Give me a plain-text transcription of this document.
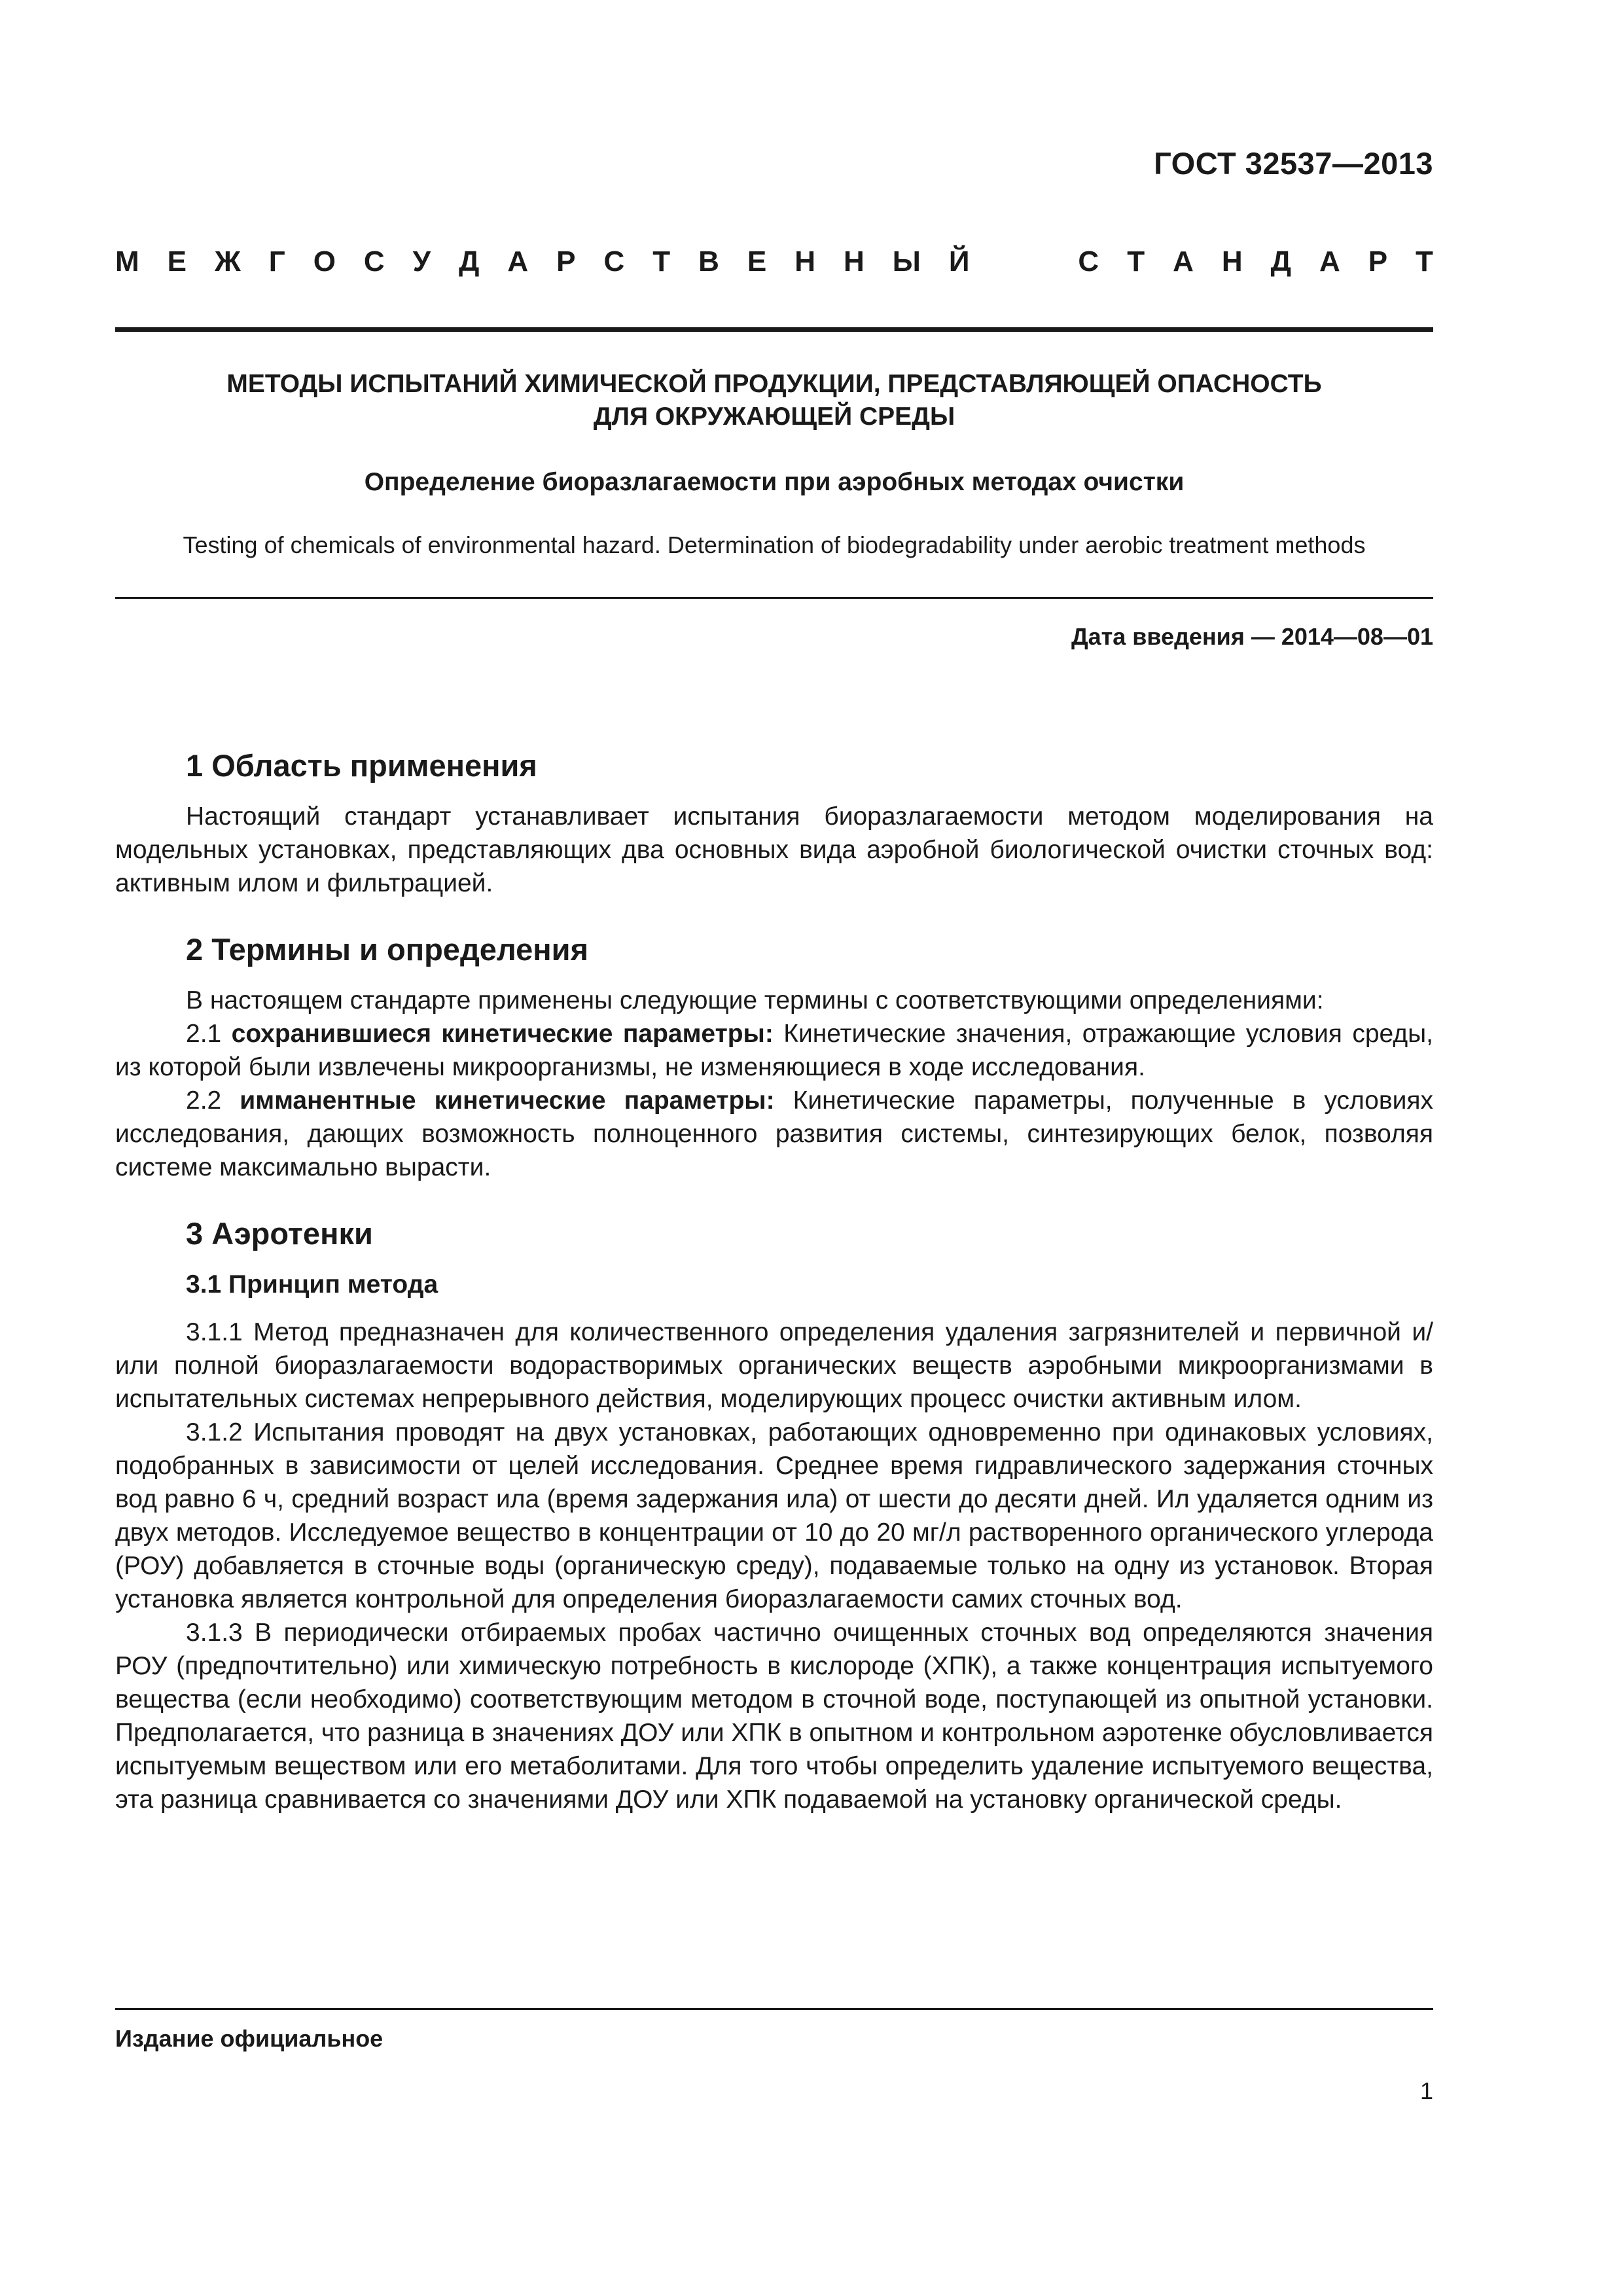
ГОСТ 32537—2013
М Е Ж Г О С У Д А Р С Т В Е Н Н Ы Й	С Т А Н Д А Р Т
МЕТОДЫ ИСПЫТАНИЙ ХИМИЧЕСКОЙ ПРОДУКЦИИ, ПРЕДСТАВЛЯЮЩЕЙ ОПАСНОСТЬ
ДЛЯ ОКРУЖАЮЩЕЙ СРЕДЫ
Определение биоразлагаемости при аэробных методах очистки
Testing of chemicals of environmental hazard. Determination of biodegradability under aerobic treatment methods
Дата введения — 2014—08—01
1 Область применения

Настоящий стандарт устанавливает испытания биоразлагаемости методом моделирования на модельных установках, представляющих два основных вида аэробной биологической очистки сточных вод: активным илом и фильтрацией.

2 Термины и определения

В настоящем стандарте применены следующие термины с соответствующими определениями:

2.1 сохранившиеся кинетические параметры: Кинетические значения, отражающие условия среды, из которой были извлечены микроорганизмы, не изменяющиеся в ходе исследования.

2.2 имманентные кинетические параметры: Кинетические параметры, полученные в условиях исследования, дающих возможность полноценного развития системы, синтезирующих белок, позволяя системе максимально вырасти.

3 Аэротенки
3.1 Принцип метода

3.1.1 Метод предназначен для количественного определения удаления загрязнителей и первичной и/или полной биоразлагаемости водорастворимых органических веществ аэробными микроорганизмами в испытательных системах непрерывного действия, моделирующих процесс очистки активным илом.

3.1.2 Испытания проводят на двух установках, работающих одновременно при одинаковых условиях, подобранных в зависимости от целей исследования. Среднее время гидравлического задержания сточных вод равно 6 ч, средний возраст ила (время задержания ила) от шести до десяти дней. Ил удаляется одним из двух методов. Исследуемое вещество в концентрации от 10 до 20 мг/л растворенного органического углерода (РОУ) добавляется в сточные воды (органическую среду), подаваемые только на одну из установок. Вторая установка является контрольной для определения биоразлагаемости самих сточных вод.

3.1.3 В периодически отбираемых пробах частично очищенных сточных вод определяются значения РОУ (предпочтительно) или химическую потребность в кислороде (ХПК), а также концентрация испытуемого вещества (если необходимо) соответствующим методом в сточной воде, поступающей из опытной установки. Предполагается, что разница в значениях ДОУ или ХПК в опытном и контрольном аэротенке обусловливается испытуемым веществом или его метаболитами. Для того чтобы определить удаление испытуемого вещества, эта разница сравнивается со значениями ДОУ или ХПК подаваемой на установку органической среды.

Издание официальное
1
